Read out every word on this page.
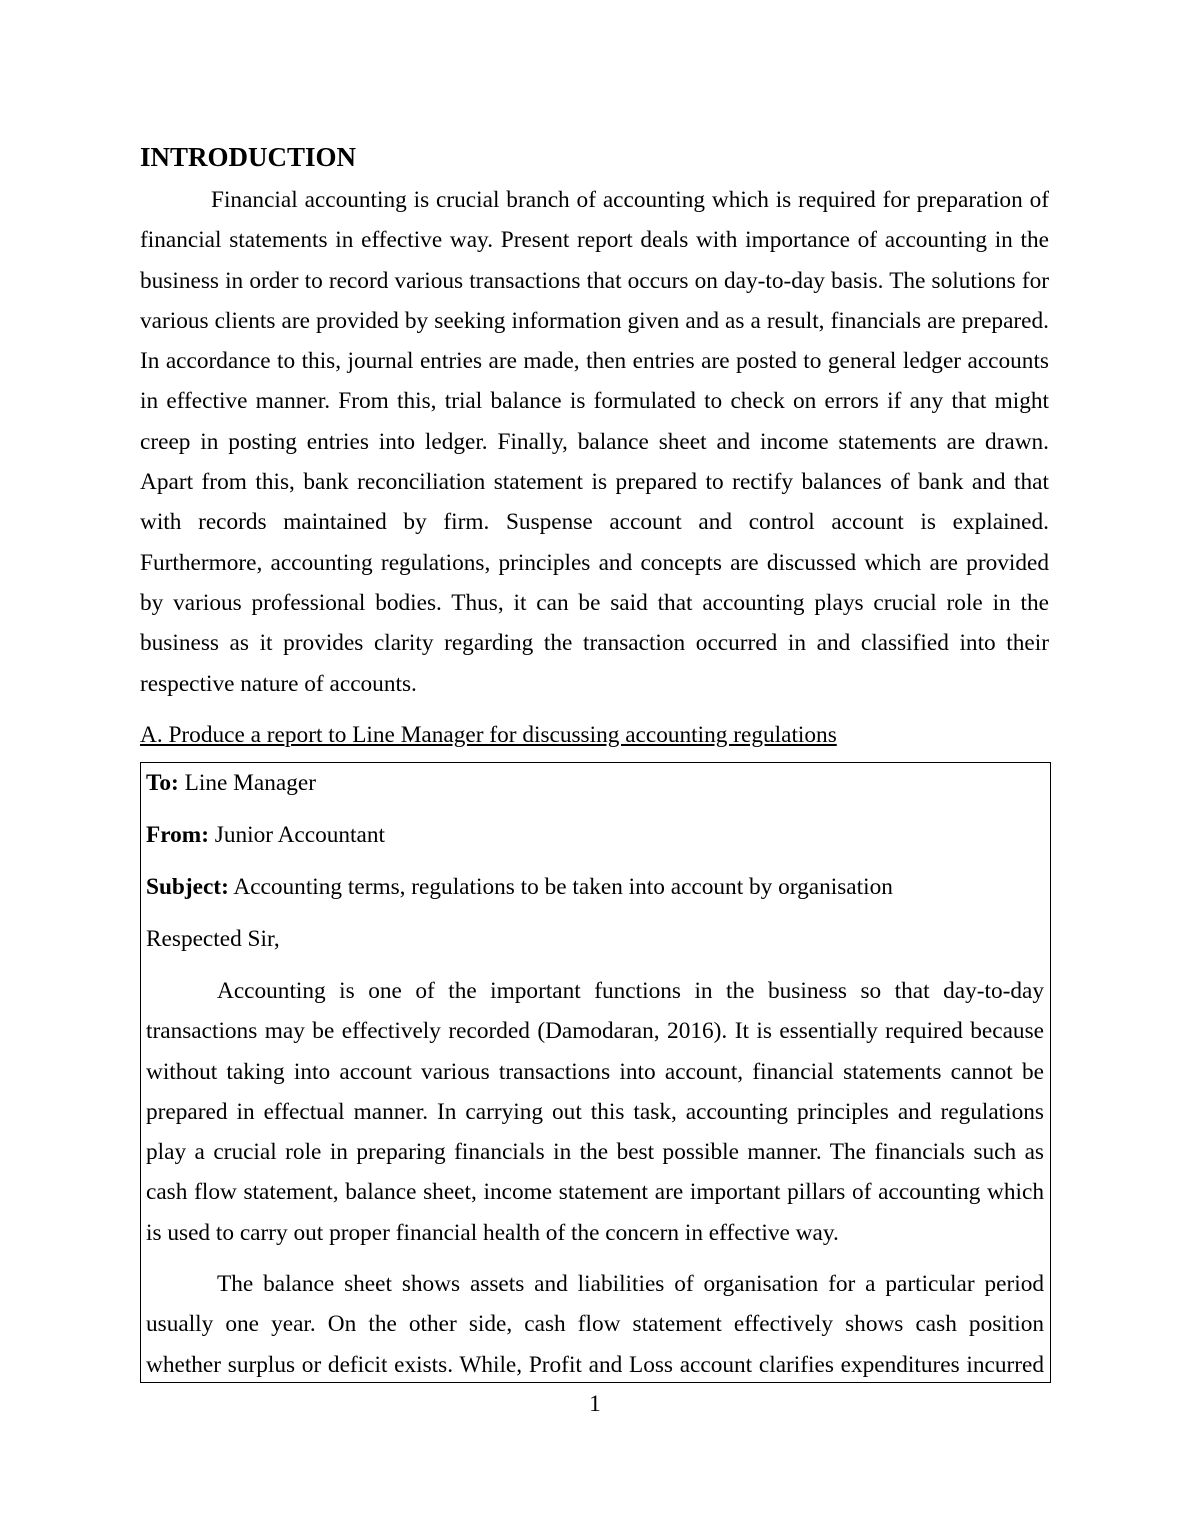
INTRODUCTION
Financial accounting is crucial branch of accounting which is required for preparation of
financial statements in effective way. Present report deals with importance of accounting in the
business in order to record various transactions that occurs on day-to-day basis. The solutions for
various clients are provided by seeking information given and as a result, financials are prepared.
In accordance to this, journal entries are made, then entries are posted to general ledger accounts
in effective manner. From this, trial balance is formulated to check on errors if any that might
creep in posting entries into ledger. Finally, balance sheet and income statements are drawn.
Apart from this, bank reconciliation statement is prepared to rectify balances of bank and that
with records maintained by firm. Suspense account and control account is explained.
Furthermore, accounting regulations, principles and concepts are discussed which are provided
by various professional bodies. Thus, it can be said that accounting plays crucial role in the
business as it provides clarity regarding the transaction occurred in and classified into their
respective nature of accounts.
A. Produce a report to Line Manager for discussing accounting regulations
To: Line Manager
From: Junior Accountant
Subject: Accounting terms, regulations to be taken into account by organisation
Respected Sir,
Accounting is one of the important functions in the business so that day-to-day
transactions may be effectively recorded (Damodaran, 2016). It is essentially required because
without taking into account various transactions into account, financial statements cannot be
prepared in effectual manner. In carrying out this task, accounting principles and regulations
play a crucial role in preparing financials in the best possible manner. The financials such as
cash flow statement, balance sheet, income statement are important pillars of accounting which
is used to carry out proper financial health of the concern in effective way.
The balance sheet shows assets and liabilities of organisation for a particular period
usually one year. On the other side, cash flow statement effectively shows cash position
whether surplus or deficit exists. While, Profit and Loss account clarifies expenditures incurred
1
